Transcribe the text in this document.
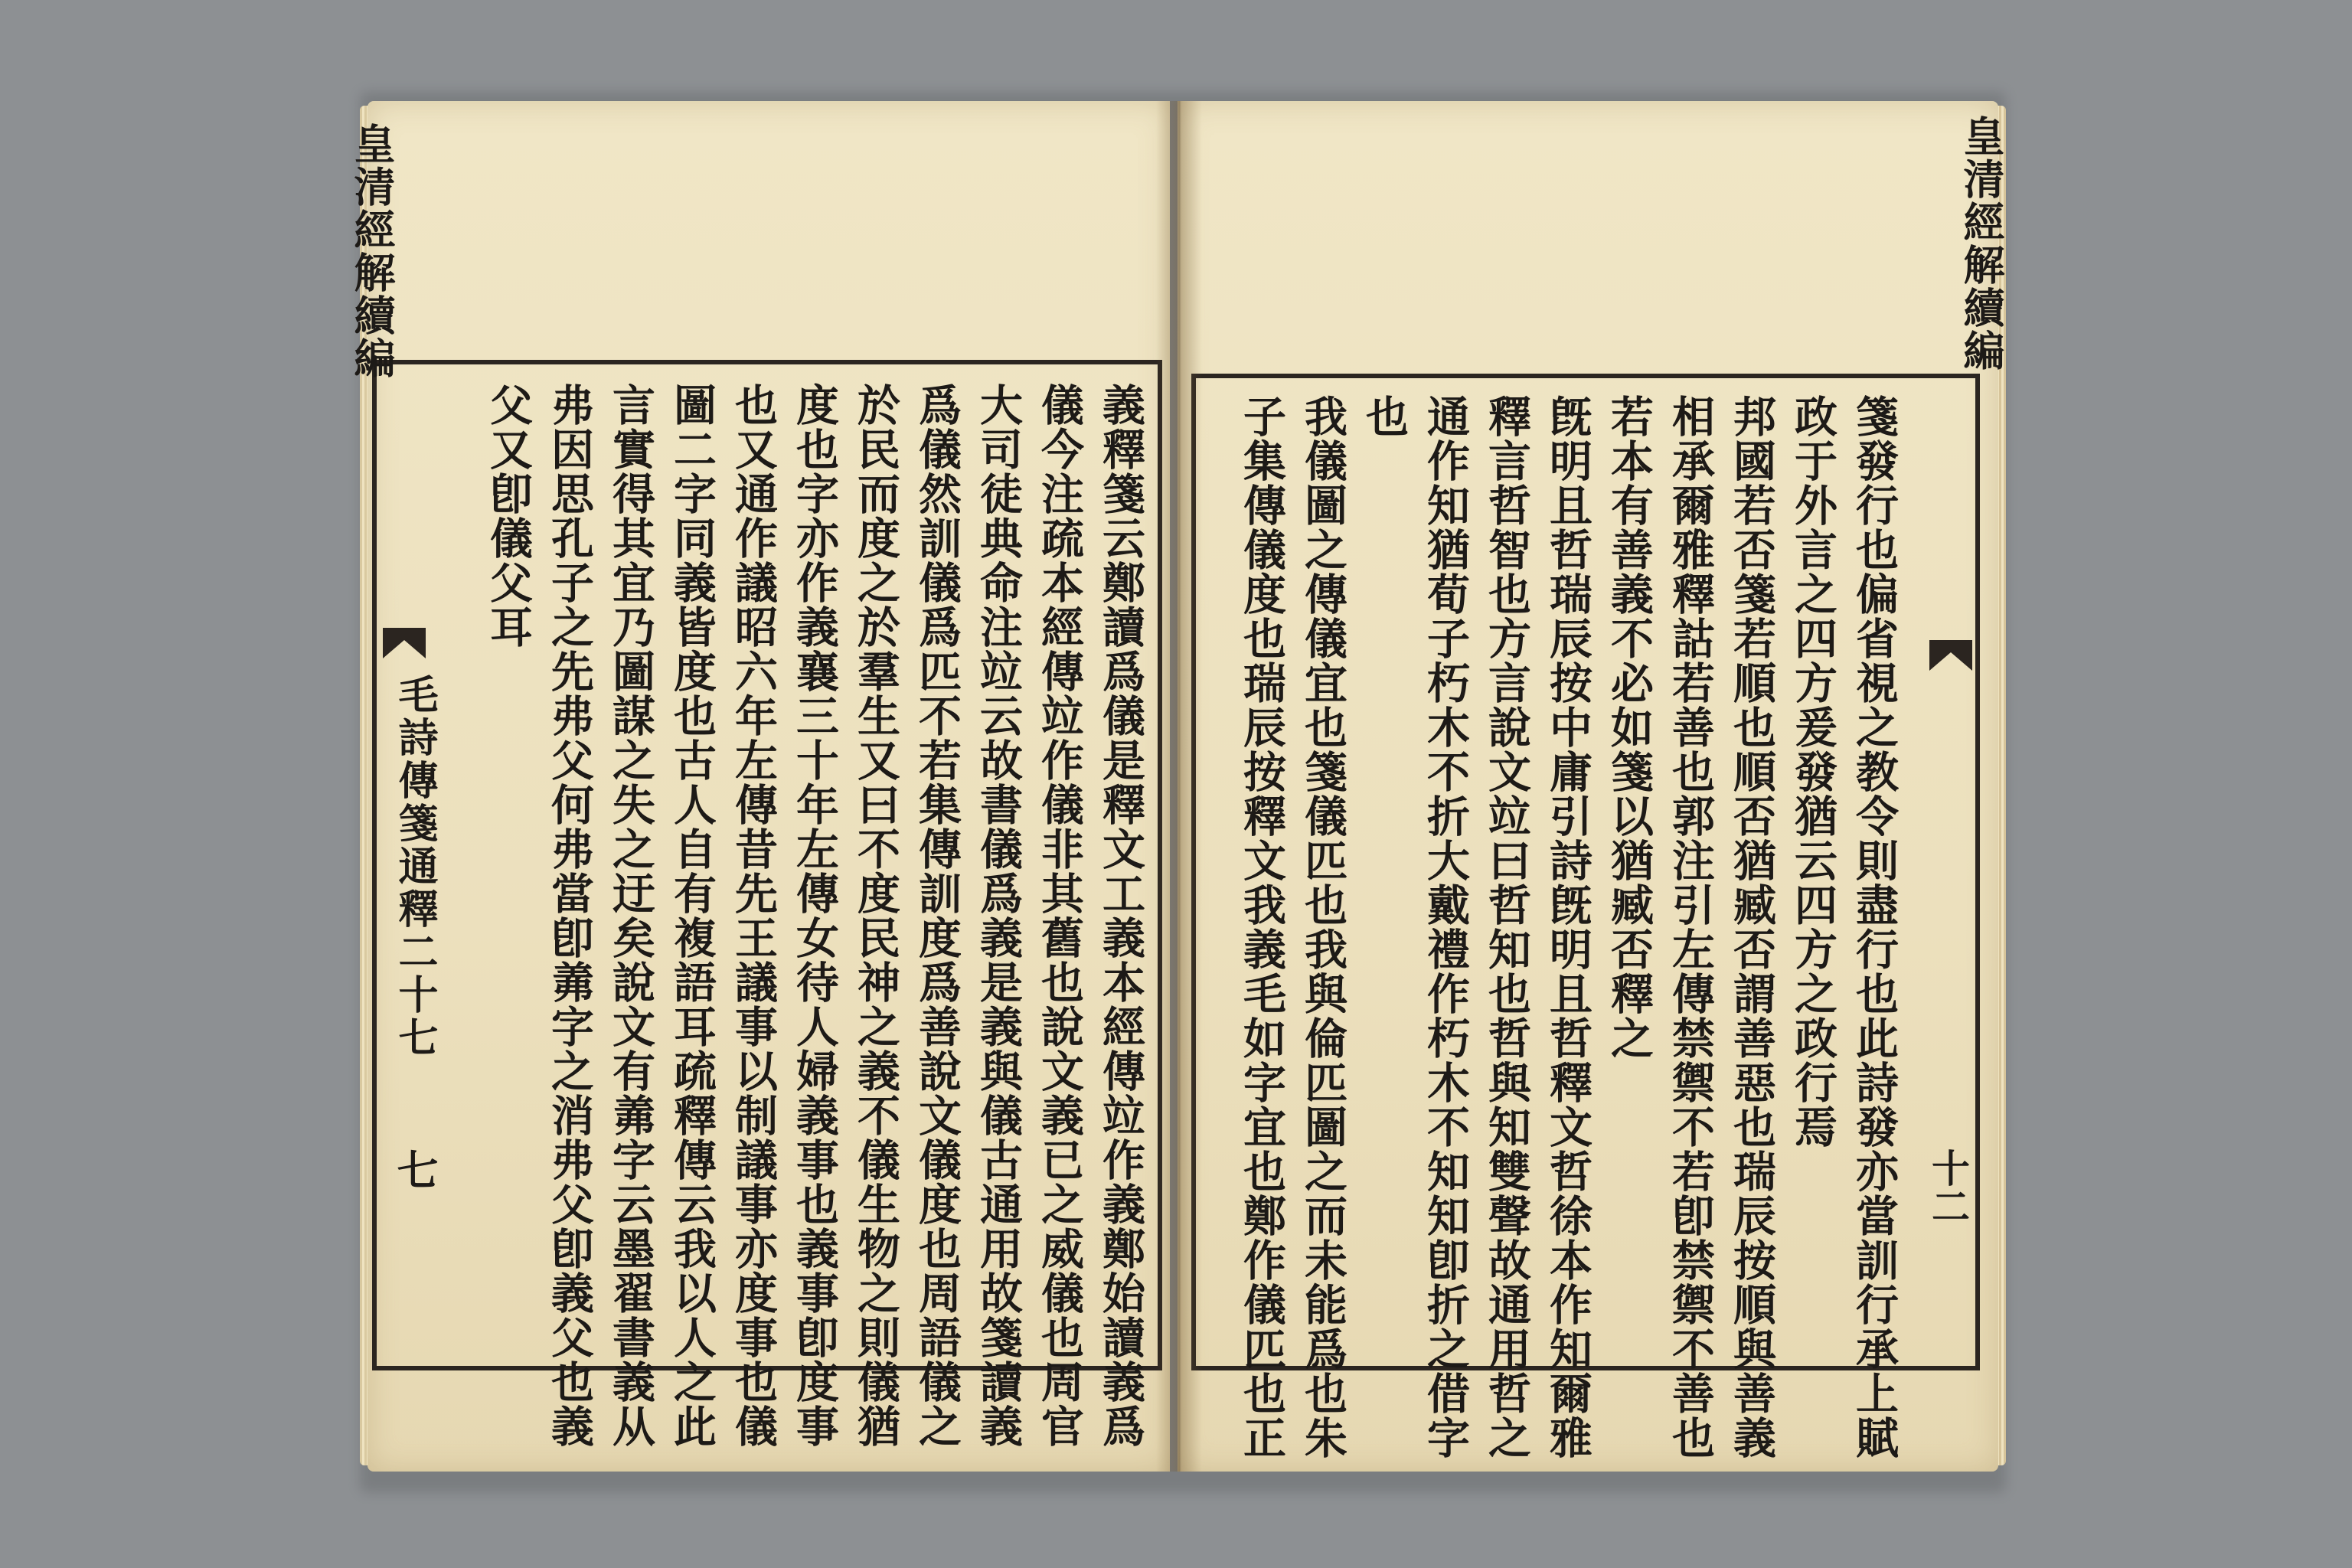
義釋箋云鄭讀爲儀是釋文工義本經傳竝作義鄭始讀義爲
儀今注疏本經傳竝作儀非其舊也說文義已之威儀也周官
大司徒典命注竝云故書儀爲義是義與儀古通用故箋讀義
爲儀然訓儀爲匹不若集傳訓度爲善說文儀度也周語儀之
於民而度之於羣生又曰不度民神之義不儀生物之則儀猶
度也字亦作義襄三十年左傳女待人婦義事也義事卽度事
也又通作議昭六年左傳昔先王議事以制議事亦度事也儀
圖二字同義皆度也古人自有複語耳疏釋傳云我以人之此
言實得其宜乃圖謀之失之迂矣說文有羛字云墨翟書義从
弗因思孔子之先弗父何弗當卽羛字之消弗父卽義父也義
父又卽儀父耳
皇清經解續編
毛詩傳箋通釋二十七
七	箋發行也偏省視之教令則盡行也此詩發亦當訓行承上賦
政于外言之四方爰發猶云四方之政行焉
邦國若否箋若順也順否猶臧否謂善惡也瑞辰按順與善義
相承爾雅釋詁若善也郭注引左傳禁禦不若卽禁禦不善也
若本有善義不必如箋以猶臧否釋之
旣明且哲瑞辰按中庸引詩旣明且哲釋文哲徐本作知爾雅
釋言哲智也方言說文竝曰哲知也哲與知雙聲故通用哲之
通作知猶荀子朽木不折大戴禮作朽木不知知卽折之借字
也
我儀圖之傳儀宜也箋儀匹也我與倫匹圖之而未能爲也朱
子集傳儀度也瑞辰按釋文我義毛如字宜也鄭作儀匹也正

皇清經解續編
十二
